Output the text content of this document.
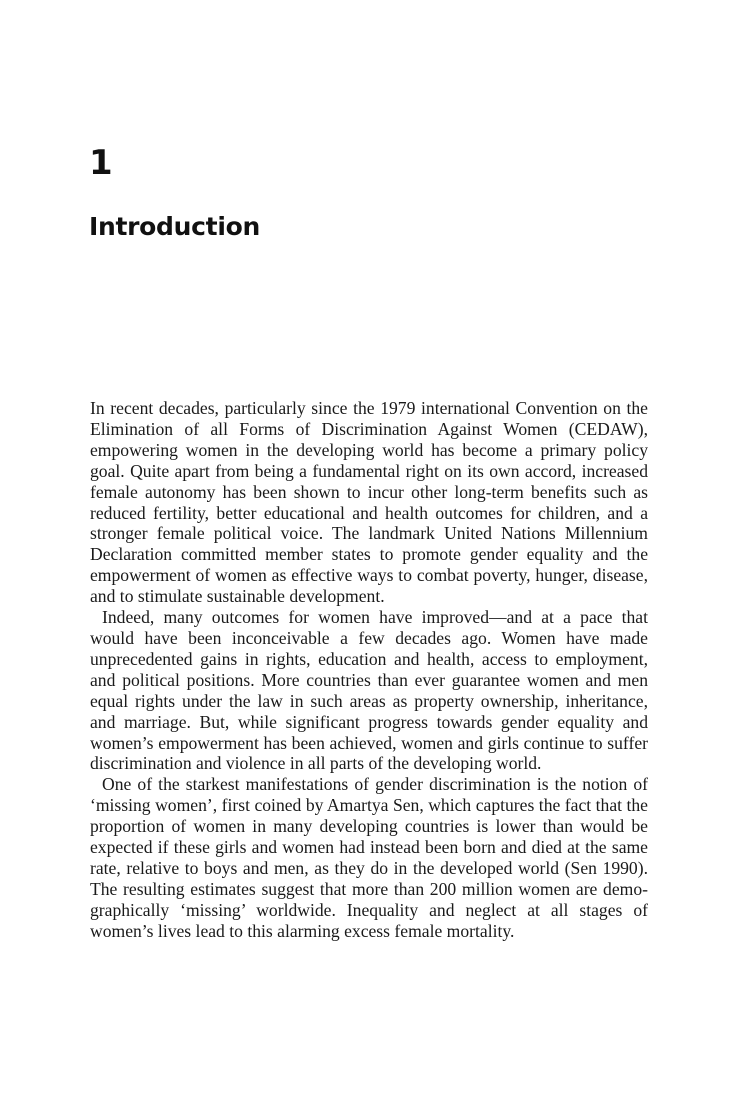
1
Introduction

In recent decades, particularly since the 1979 international Convention on the Elimination of all Forms of Discrimination Against Women (CEDAW), empowering women in the developing world has become a primary policy goal. Quite apart from being a fundamental right on its own accord, increased female autonomy has been shown to incur other long-term benefits such as reduced fertility, better educational and health outcomes for children, and a stronger female political voice. The landmark United Nations Millennium Declaration committed member states to promote gender equality and the empowerment of women as effective ways to combat poverty, hunger, disease, and to stimulate sustainable development.

Indeed, many outcomes for women have improved—and at a pace that would have been inconceivable a few decades ago. Women have made unprecedented gains in rights, education and health, access to employment, and political positions. More countries than ever guarantee women and men equal rights under the law in such areas as property ownership, inheritance, and marriage. But, while significant progress towards gender equality and women’s empowerment has been achieved, women and girls continue to suffer discrimination and violence in all parts of the developing world.

One of the starkest manifestations of gender discrimination is the notion of ‘missing women’, first coined by Amartya Sen, which captures the fact that the proportion of women in many developing countries is lower than would be expected if these girls and women had instead been born and died at the same rate, relative to boys and men, as they do in the developed world (Sen 1990). The resulting estimates suggest that more than 200 million women are demographically ‘missing’ worldwide. Inequality and neglect at all stages of women’s lives lead to this alarming excess female mortality.
